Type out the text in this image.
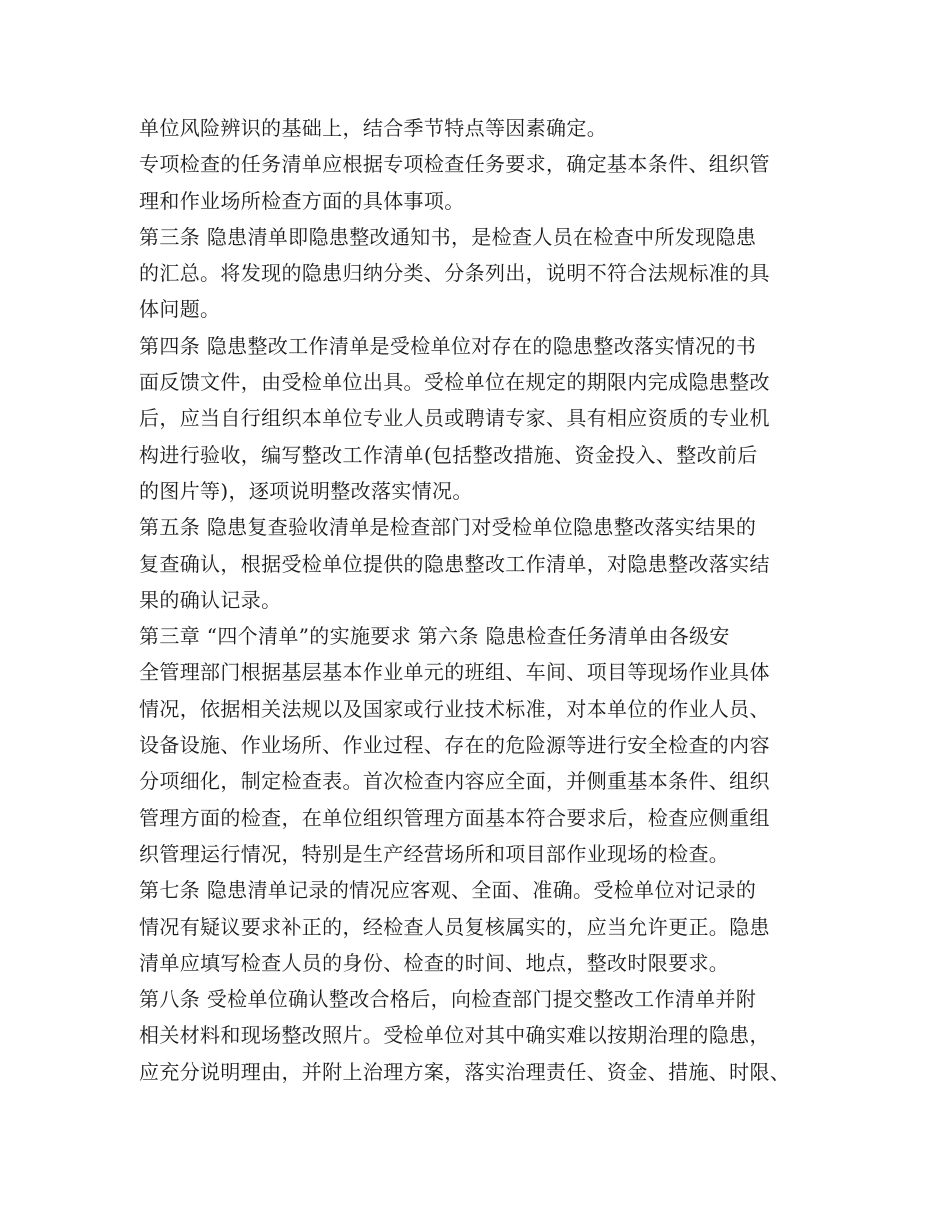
单位风险辨识的基础上，结合季节特点等因素确定。
专项检查的任务清单应根据专项检查任务要求，确定基本条件、组织管
理和作业场所检查方面的具体事项。
第三条 隐患清单即隐患整改通知书，是检查人员在检查中所发现隐患
的汇总。将发现的隐患归纳分类、分条列出，说明不符合法规标准的具
体问题。
第四条 隐患整改工作清单是受检单位对存在的隐患整改落实情况的书
面反馈文件，由受检单位出具。受检单位在规定的期限内完成隐患整改
后，应当自行组织本单位专业人员或聘请专家、具有相应资质的专业机
构进行验收，编写整改工作清单(包括整改措施、资金投入、整改前后
的图片等)，逐项说明整改落实情况。
第五条 隐患复查验收清单是检查部门对受检单位隐患整改落实结果的
复查确认，根据受检单位提供的隐患整改工作清单，对隐患整改落实结
果的确认记录。
第三章 “四个清单”的实施要求 第六条 隐患检查任务清单由各级安
全管理部门根据基层基本作业单元的班组、车间、项目等现场作业具体
情况，依据相关法规以及国家或行业技术标准，对本单位的作业人员、
设备设施、作业场所、作业过程、存在的危险源等进行安全检查的内容
分项细化，制定检查表。首次检查内容应全面，并侧重基本条件、组织
管理方面的检查，在单位组织管理方面基本符合要求后，检查应侧重组
织管理运行情况，特别是生产经营场所和项目部作业现场的检查。
第七条 隐患清单记录的情况应客观、全面、准确。受检单位对记录的
情况有疑议要求补正的，经检查人员复核属实的，应当允许更正。隐患
清单应填写检查人员的身份、检查的时间、地点，整改时限要求。
第八条 受检单位确认整改合格后，向检查部门提交整改工作清单并附
相关材料和现场整改照片。受检单位对其中确实难以按期治理的隐患，
应充分说明理由，并附上治理方案，落实治理责任、资金、措施、时限、
